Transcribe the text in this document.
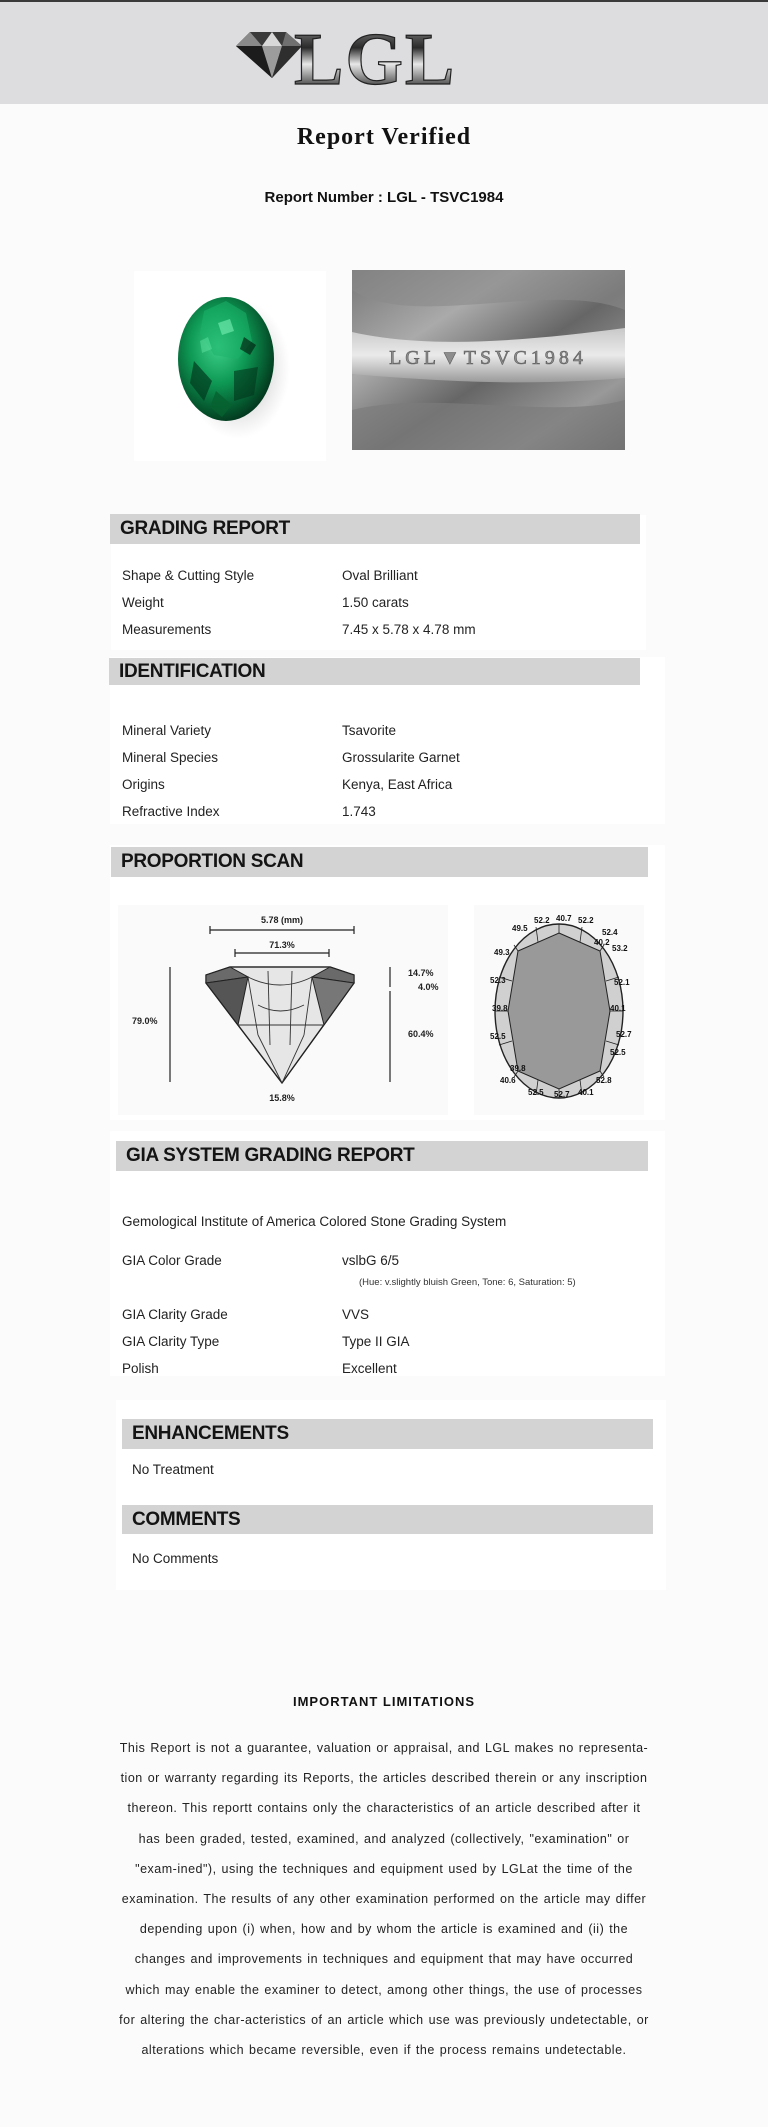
LGL
Report Verified
Report Number : LGL - TSVC1984
LGL▼TSVC1984
GRADING REPORT
Shape & Cutting Style	Oval Brilliant
Weight	1.50 carats
Measurements	7.45 x 5.78 x 4.78 mm
IDENTIFICATION
Mineral Variety	Tsavorite
Mineral Species	Grossularite Garnet
Origins	Kenya, East Africa
Refractive Index	1.743
PROPORTION SCAN
5.78 (mm)
71.3%
79.0%
14.7%
4.0%
60.4%
15.8%
49.5
52.2 40.7 52.2
52.4
40.2
53.2
49.3
52.3
39.8
52.1
40.1
52.7
52.5
39.8
40.6
52.5 52.7 40.1
52.8
52.5
GIA SYSTEM GRADING REPORT
Gemological Institute of America Colored Stone Grading System
GIA Color Grade	vslbG 6/5
(Hue: v.slightly bluish Green, Tone: 6, Saturation: 5)
GIA Clarity Grade	VVS
GIA Clarity Type	Type II GIA
Polish	Excellent
ENHANCEMENTS
No Treatment
COMMENTS
No Comments
IMPORTANT LIMITATIONS
This Report is not a guarantee, valuation or appraisal, and LGL makes no representa-tion or warranty regarding its Reports, the articles described therein or any inscription thereon. This reportt contains only the characteristics of an article described after it has been graded, tested, examined, and analyzed (collectively, "examination" or "exam-ined"), using the techniques and equipment used by LGLat the time of the examination. The results of any other examination performed on the article may differ depending upon (i) when, how and by whom the article is examined and (ii) the changes and improvements in techniques and equipment that may have occurred which may enable the examiner to detect, among other things, the use of processes for altering the char-acteristics of an article which use was previously undetectable, or alterations which became reversible, even if the process remains undetectable.
